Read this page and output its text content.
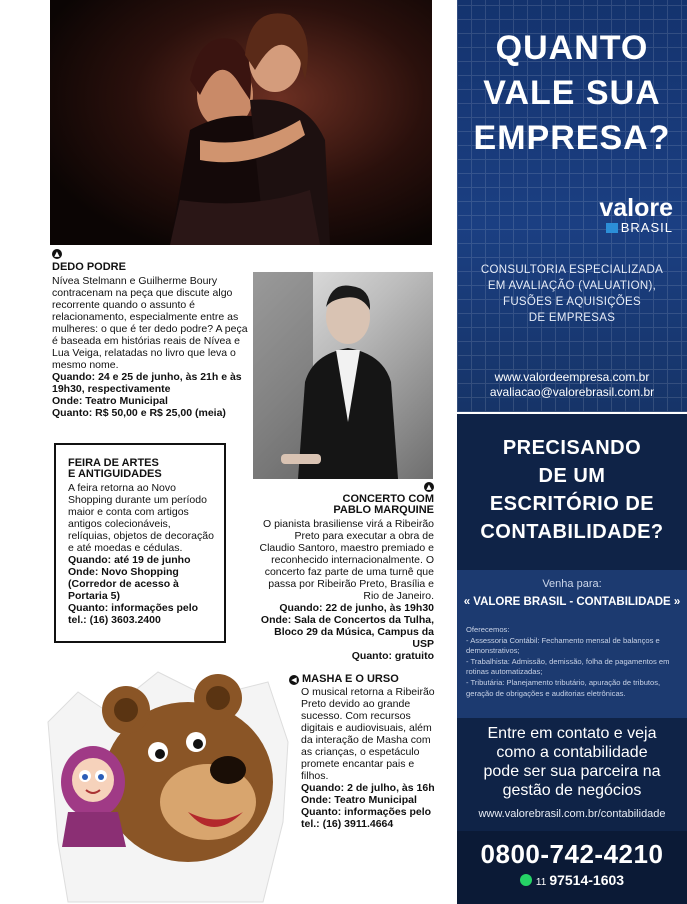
▲
DEDO PODRE

Nívea Stelmann e Guilherme Boury contracenam na peça que discute algo recorrente quando o assunto é relacionamento, especialmente entre as mulheres: o que é ter dedo podre? A peça é baseada em histórias reais de Nívea e Lua Veiga, relatadas no livro que leva o mesmo nome.

Quando: 24 e 25 de junho, às 21h e às 19h30, respectivamente

Onde: Teatro Municipal

Quanto: R$ 50,00 e R$ 25,00 (meia)

FEIRA DE ARTES
E ANTIGUIDADES

A feira retorna ao Novo Shopping durante um período maior e conta com artigos antigos colecionáveis, relíquias, objetos de decoração e até moedas e cédulas.

Quando: até 19 de junho

Onde: Novo Shopping (Corredor de acesso à Portaria 5)

Quanto: informações pelo tel.: (16) 3603.2400

▲
CONCERTO COM
PABLO MARQUINE

O pianista brasiliense virá a Ribeirão Preto para executar a obra de Claudio Santoro, maestro premiado e reconhecido internacionalmente. O concerto faz parte de uma turnê que passa por Ribeirão Preto, Brasília e Rio de Janeiro.

Quando: 22 de junho, às 19h30

Onde: Sala de Concertos da Tulha, Bloco 29 da Música, Campus da USP

Quanto: gratuito

◀ MASHA E O URSO

O musical retorna a Ribeirão Preto devido ao grande sucesso. Com recursos digitais e audiovisuais, além da interação de Masha com as crianças, o espetáculo promete encantar pais e filhos.

Quando: 2 de julho, às 16h

Onde: Teatro Municipal

Quanto: informações pelo tel.: (16) 3911.4664

QUANTO
VALE SUA
EMPRESA?
valore
BRASIL
CONSULTORIA ESPECIALIZADA
EM AVALIAÇÃO (VALUATION),
FUSÕES E AQUISIÇÕES
DE EMPRESAS
www.valordeempresa.com.br
avaliacao@valorebrasil.com.br
PRECISANDO
DE UM
ESCRITÓRIO DE
CONTABILIDADE?
Venha para:
« VALORE BRASIL - CONTABILIDADE »
Oferecemos:
- Assessoria Contábil: Fechamento mensal de balanços e demonstrativos;
- Trabalhista: Admissão, demissão, folha de pagamentos em rotinas automatizadas;
- Tributária: Planejamento tributário, apuração de tributos, geração de obrigações e auditorias eletrônicas.
Entre em contato e veja
como a contabilidade
pode ser sua parceira na
gestão de negócios
www.valorebrasil.com.br/contabilidade
0800-742-4210
11 97514-1603
